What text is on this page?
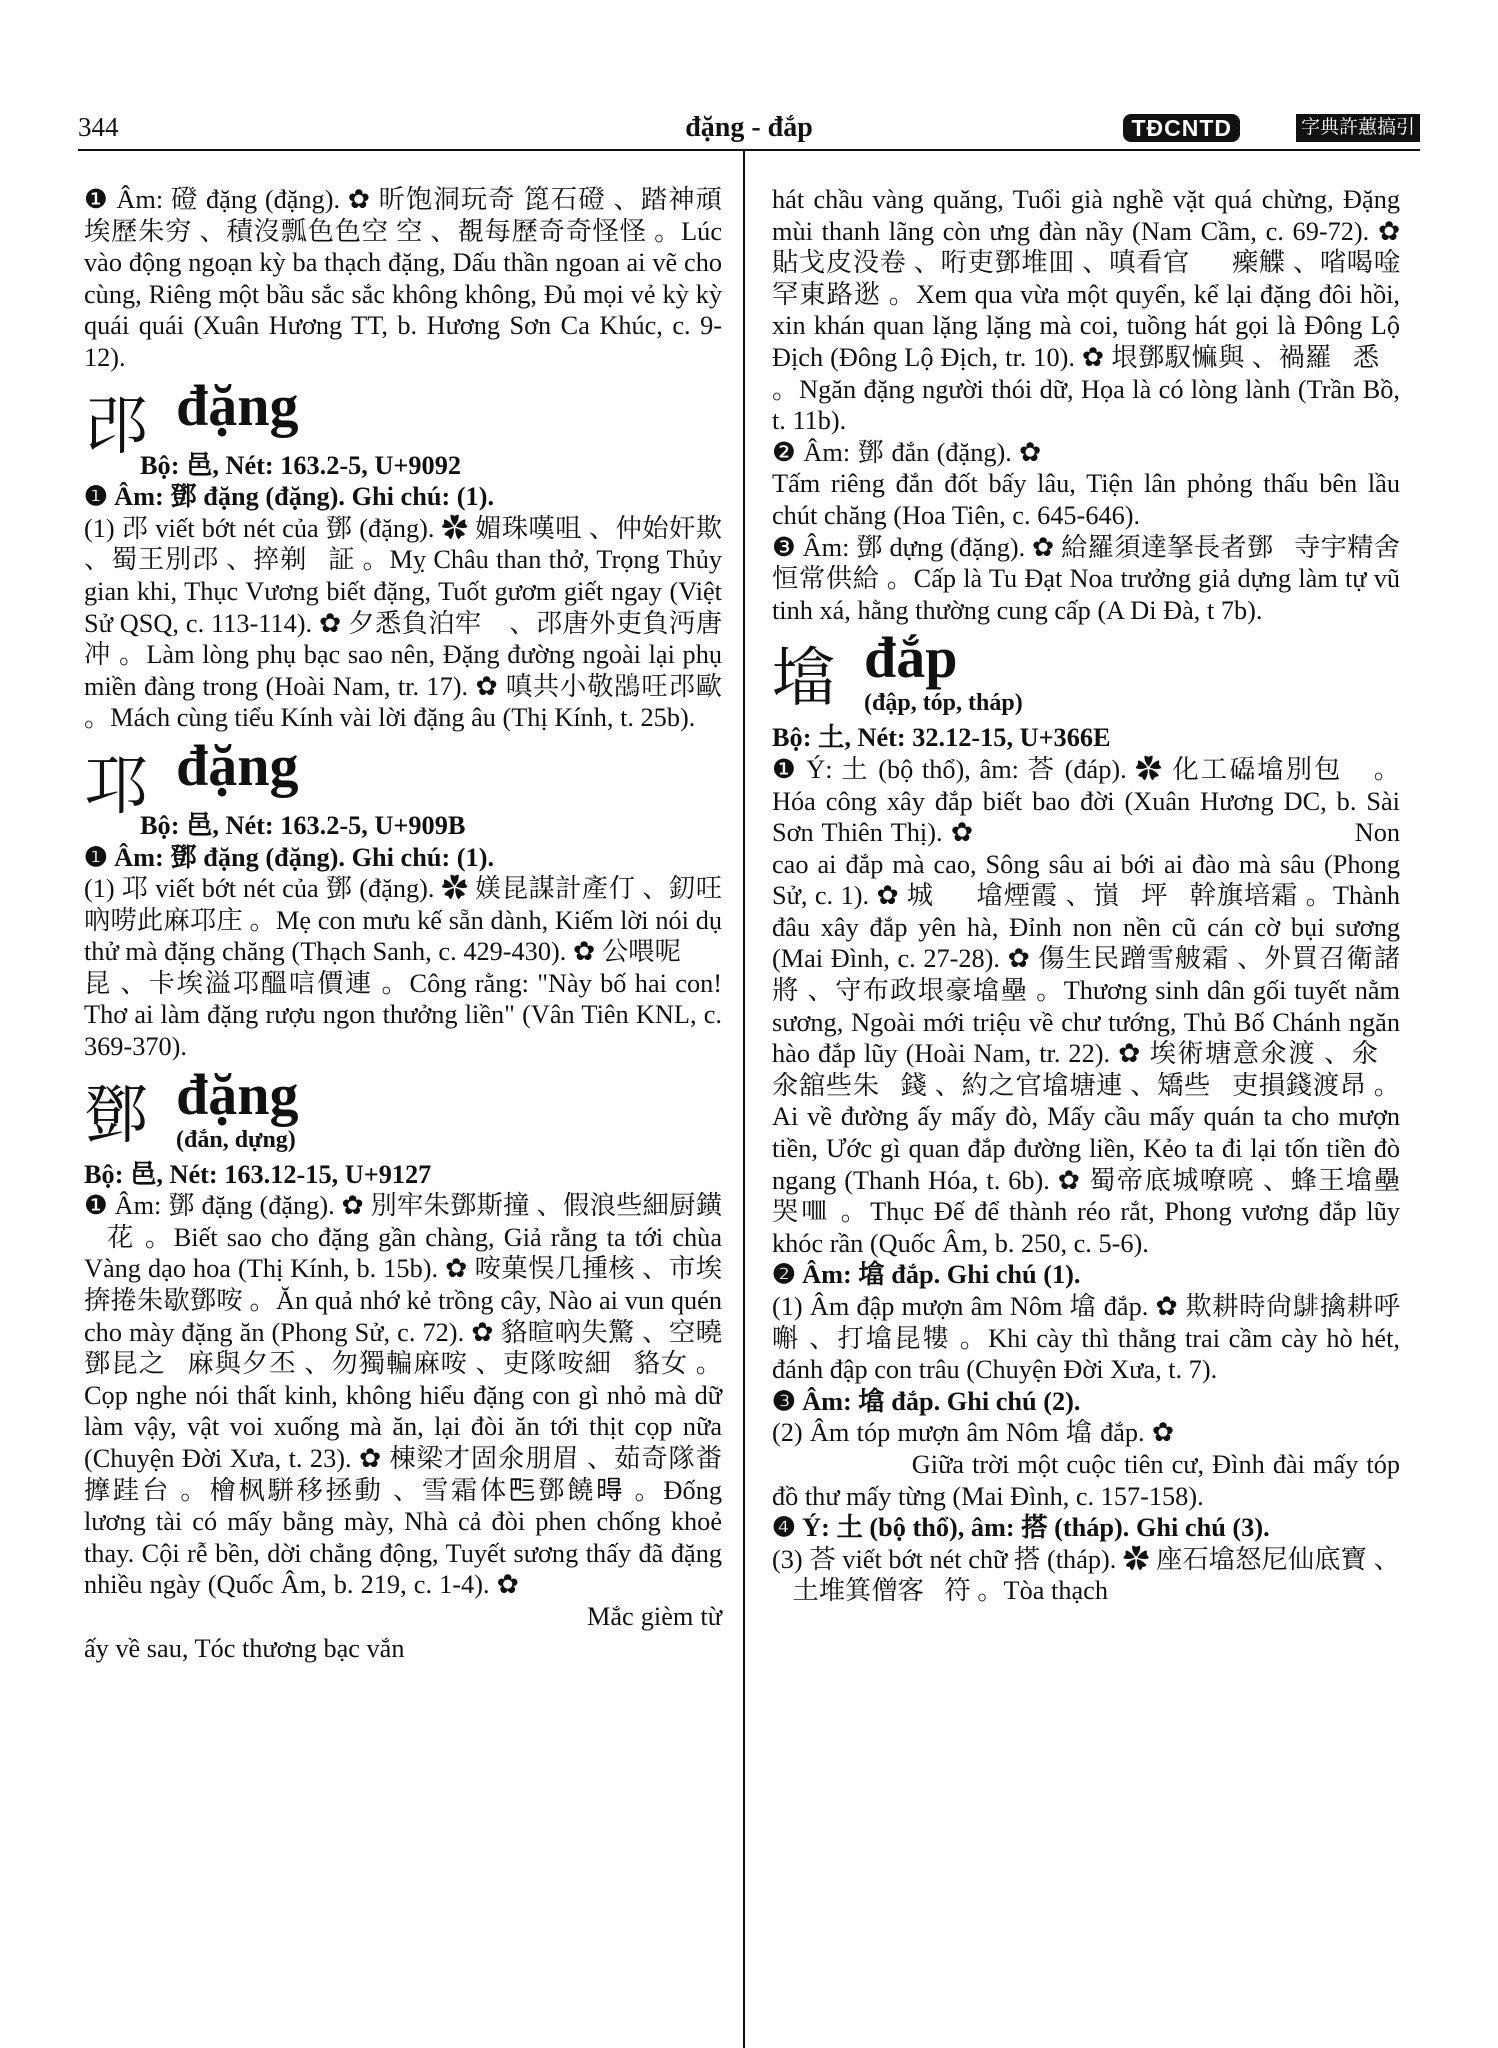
344	đặng - đắp	TĐCNTD	字典許蕙搞引

❶ Âm: 磴 đặng (đặng). ✿ 昕饱洞玩奇 箆石磴 、踏神頑埃歷朱穷 、積沒瓢色色空 空 、覩每歷奇奇怪怪 。Lúc vào động ngoạn kỳ ba thạch đặng, Dấu thần ngoan ai vẽ cho cùng, Riêng một bầu sắc sắc không không, Đủ mọi vẻ kỳ kỳ quái quái (Xuân Hương TT, b. Hương Sơn Ca Khúc, c. 9-12).

邔 đặng

Bộ: 邑, Nét: 163.2-5, U+9092

❶ Âm: 鄧 đặng (đặng). Ghi chú: (1).

(1) 邔 viết bớt nét của 鄧 (đặng). ✿ 媚珠嘆咀 、仲始奸欺 、蜀王別邔 、捽剃𫩞証 。Mỵ Châu than thở, Trọng Thủy gian khi, Thục Vương biết đặng, Tuốt gươm giết ngay (Việt Sử QSQ, c. 113-114). ✿ 夕悉負泊牢𨱽 、邔唐外吏負沔唐冲 。Làm lòng phụ bạc sao nên, Đặng đường ngoài lại phụ miền đàng trong (Hoài Nam, tr. 17). ✿ 嗔共小敬𪁳㕵邔歐 。Mách cùng tiểu Kính vài lời đặng âu (Thị Kính, t. 25b).

邛 đặng

Bộ: 邑, Nét: 163.2-5, U+909B

❶ Âm: 鄧 đặng (đặng). Ghi chú: (1).

(1) 邛 viết bớt nét của 鄧 (đặng). ✿ 媄昆謀計產仃 、釖㕵吶唠此麻邛庄 。Mẹ con mưu kế sẵn dành, Kiếm lời nói dụ thử mà đặng chăng (Thạch Sanh, c. 429-430). ✿ 公喂呢𠿯𠁑昆 、卡埃溢邛醞唁價連 。Công rằng: "Này bố hai con! Thơ ai làm đặng rượu ngon thưởng liền" (Vân Tiên KNL, c. 369-370).

鄧 đặng
(đắn, dựng)

Bộ: 邑, Nét: 163.12-15, U+9127

❶ Âm: 鄧 đặng (đặng). ✿ 別牢朱鄧斯撞 、假浪些細厨鐄𠽋花 。Biết sao cho đặng gần chàng, Giả rằng ta tới chùa Vàng dạo hoa (Thị Kính, b. 15b). ✿ 咹菓悮几揰核 、市埃捹捲朱歇鄧咹 。Ăn quả nhớ kẻ trồng cây, Nào ai vun quén cho mày đặng ăn (Phong Sử, c. 72). ✿ 貉暄吶失驚 、空曉鄧昆之𨅹麻與夕丕 、勿獨䡢麻咹 、吏隊咹細𦛋貉女 。Cọp nghe nói thất kinh, không hiểu đặng con gì nhỏ mà dữ làm vậy, vật voi xuống mà ăn, lại đòi ăn tới thịt cọp nữa (Chuyện Đời Xưa, t. 23). ✿ 棟梁才固氽朋眉 、茹奇隊畨擵跬台 。檜枫駢移拯動 、雪霜体𠀧鄧饒𣈜 。Đống lương tài có mấy bằng mày, Nhà cả đòi phen chống khoẻ thay. Cội rễ bền, dời chẳng động, Tuyết sương thấy đã đặng nhiều ngày (Quốc Âm, b. 219, c. 1-4). ✿ 𦄵讒自氏術𧿫 、鬘傷泊𪒂喝朝鐄挑 、歲𫼮藝勿過澄 、鄧味清潮群應彈尼 。Mắc gièm từ ấy về sau, Tóc thương bạc vắn

hát chầu vàng quăng, Tuổi già nghề vặt quá chừng, Đặng mùi thanh lãng còn ưng đàn nầy (Nam Cầm, c. 69-72). ✿ 貼戈皮没卷 、哘吏鄧堆囬 、嗔看官𤄲𤄲㾹䚢 、㗂喝唫罕東路逖 。Xem qua vừa một quyển, kể lại đặng đôi hồi, xin khán quan lặng lặng mà coi, tuồng hát gọi là Đông Lộ Địch (Đông Lộ Địch, tr. 10). ✿ 垠鄧馭𢠩與 、禍羅𥋳悉𢝙 。Ngăn đặng người thói dữ, Họa là có lòng lành (Trần Bồ, t. 11b).

❷ Âm: 鄧 đắn (đặng). ✿ 𦚐貧鄧突閉数 、便鱗倣透邊楼𠁑庄 。Tấm riêng đắn đốt bấy lâu, Tiện lân phỏng thấu bên lầu chút chăng (Hoa Tiên, c. 645-646).

❸ Âm: 鄧 dựng (đặng). ✿ 給羅須達拏長者鄧𢹣寺宇精舍恒常供給 。Cấp là Tu Đạt Noa trưởng giả dựng làm tự vũ tinh xá, hằng thường cung cấp (A Di Đà, t 7b).

墖 đắp
(đập, tóp, tháp)

Bộ: 土, Nét: 32.12-15, U+366E

❶ Ý: 土 (bộ thổ), âm: 荅 (đáp). ✿ 化工𥗐墖別包𦬑 。Hóa công xây đắp biết bao đời (Xuân Hương DC, b. Sài Sơn Thiên Thị). ✿ 𡽫高埃墖𢠩高 、滝溇埃擺埃陶𢠩溇 。Non cao ai đắp mà cao, Sông sâu ai bới ai đào mà sâu (Phong Sử, c. 1). ✿ 城𠅍𥗐墖煙霞 、嵿𡽫坪𦬑幹旗培霜 。Thành đâu xây đắp yên hà, Đỉnh non nền cũ cán cờ bụi sương (Mai Đình, c. 27-28). ✿ 傷生民蹭雪𦨭霜 、外買召衛諸將 、守布政垠豪墖壘 。Thương sinh dân gối tuyết nằm sương, Ngoài mới triệu về chư tướng, Thủ Bố Chánh ngăn hào đắp lũy (Hoài Nam, tr. 22). ✿ 埃術塘意氽渡 、氽𣙩氽舘些朱𢹣錢 、約之官墖塘連 、矯些𧺀吏損錢渡昂 。Ai về đường ấy mấy đò, Mấy cầu mấy quán ta cho mượn tiền, Ước gì quan đắp đường liền, Kẻo ta đi lại tốn tiền đò ngang (Thanh Hóa, t. 6b). ✿ 蜀帝底城嘹喨 、蜂王墖壘哭𠰘 。Thục Đế để thành réo rắt, Phong vương đắp lũy khóc rần (Quốc Âm, b. 250, c. 5-6).

❷ Âm: 墖 đắp. Ghi chú (1).

(1) Âm đập mượn âm Nôm 墖 đắp. ✿ 欺耕時尙𪁹擒耕呼嘝 、打墖昆𤛠 。Khi cày thì thằng trai cầm cày hò hét, đánh đập con trâu (Chuyện Đời Xưa, t. 7).

❸ Âm: 墖 đắp. Ghi chú (2).

(2) Âm tóp mượn âm Nôm 墖 đắp. ✿ 𡧲𡗶没局仙居 、亭臺氽墖图書氽層 。Giữa trời một cuộc tiên cư, Đình đài mấy tóp đồ thư mấy từng (Mai Đình, c. 157-158).

❹ Ý: 土 (bộ thổ), âm: 搭 (tháp). Ghi chú (3).

(3) 荅 viết bớt nét chữ 搭 (tháp). ✿ 座石墖怒尼仙底寶 、𡋂土堆箕僧客𡋂符 。Tòa thạch
